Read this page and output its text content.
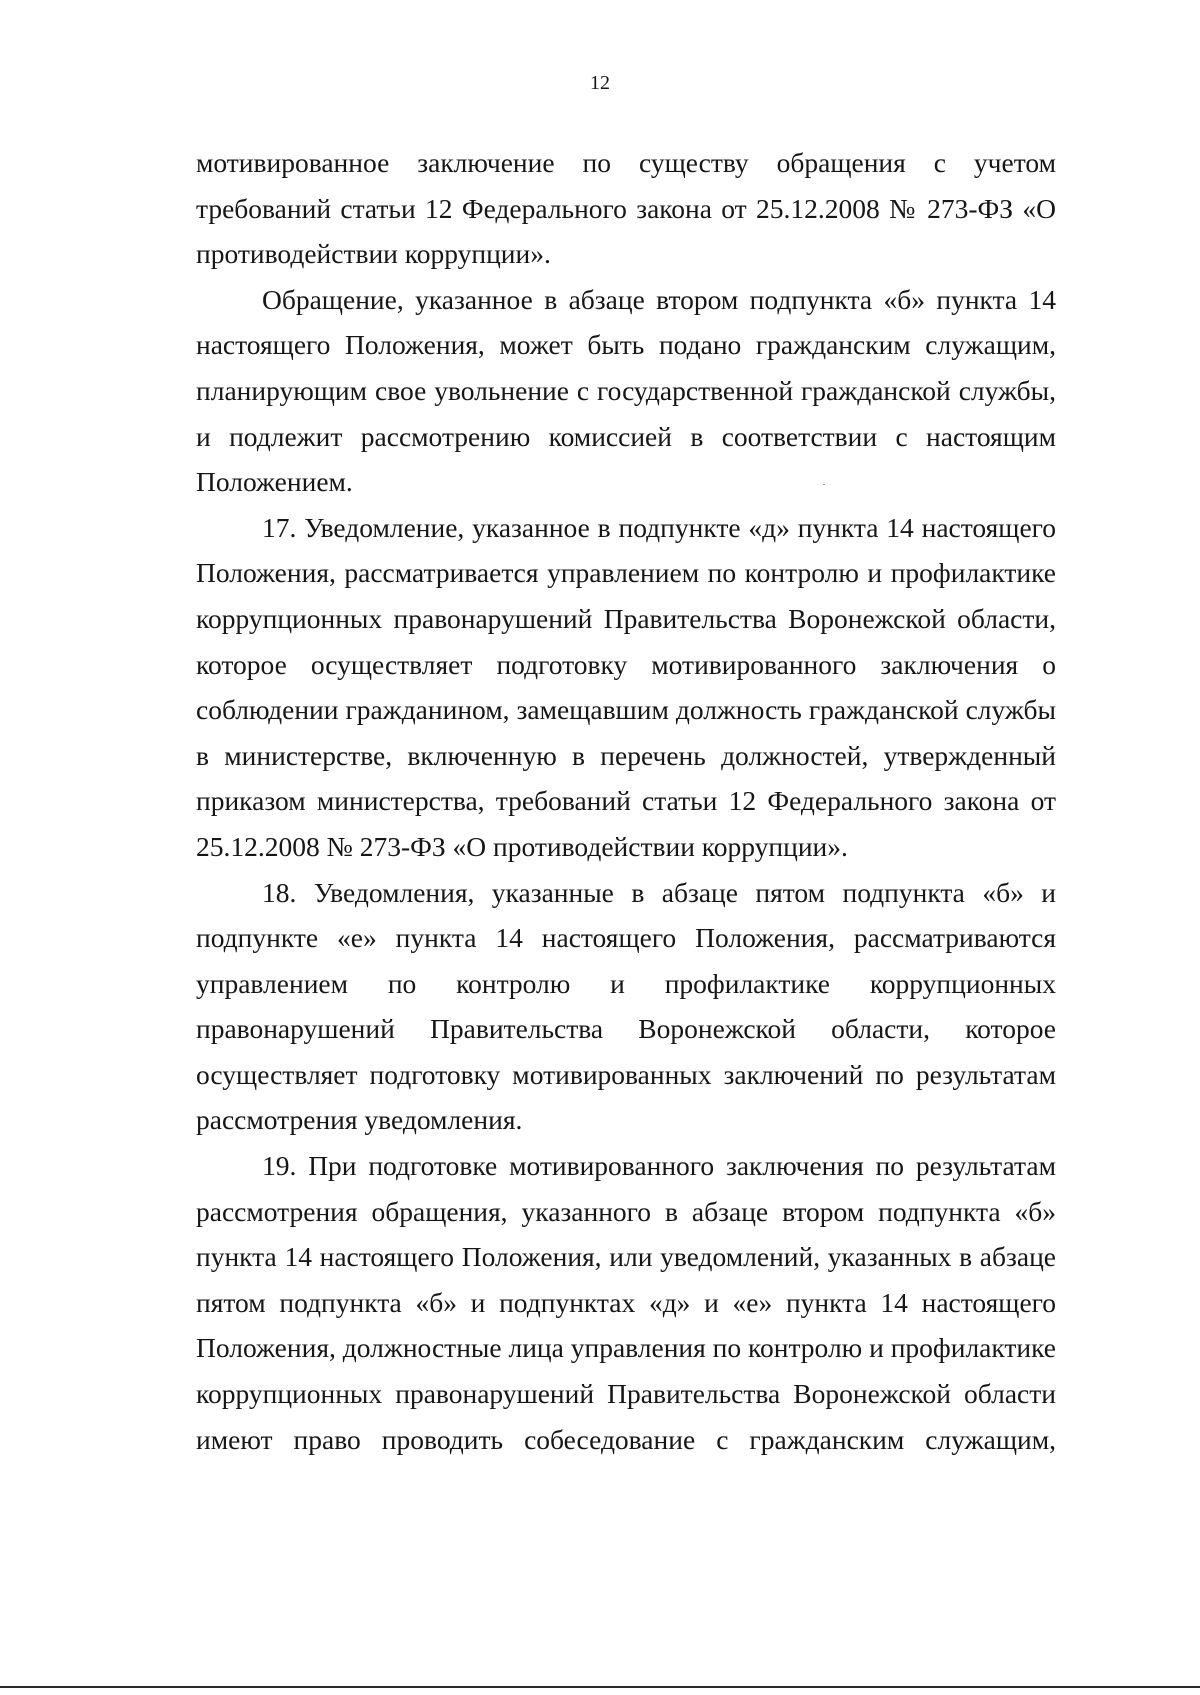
12

мотивированное заключение по существу обращения с учетом требований статьи 12 Федерального закона от 25.12.2008 № 273-ФЗ «О противодействии коррупции».

Обращение, указанное в абзаце втором подпункта «б» пункта 14 настоящего Положения, может быть подано гражданским служащим, планирующим свое увольнение с государственной гражданской службы, и подлежит рассмотрению комиссией в соответствии с настоящим Положением.

17. Уведомление, указанное в подпункте «д» пункта 14 настоящего Положения, рассматривается управлением по контролю и профилактике коррупционных правонарушений Правительства Воронежской области, которое осуществляет подготовку мотивированного заключения о соблюдении гражданином, замещавшим должность гражданской службы в министерстве, включенную в перечень должностей, утвержденный приказом министерства, требований статьи 12 Федерального закона от 25.12.2008 № 273-ФЗ «О противодействии коррупции».

18. Уведомления, указанные в абзаце пятом подпункта «б» и подпункте «е» пункта 14 настоящего Положения, рассматриваются управлением по контролю и профилактике коррупционных правонарушений Правительства Воронежской области, которое осуществляет подготовку мотивированных заключений по результатам рассмотрения уведомления.

19. При подготовке мотивированного заключения по результатам рассмотрения обращения, указанного в абзаце втором подпункта «б» пункта 14 настоящего Положения, или уведомлений, указанных в абзаце пятом подпункта «б» и подпунктах «д» и «е» пункта 14 настоящего Положения, должностные лица управления по контролю и профилактике коррупционных правонарушений Правительства Воронежской области имеют право проводить собеседование с гражданским служащим,
